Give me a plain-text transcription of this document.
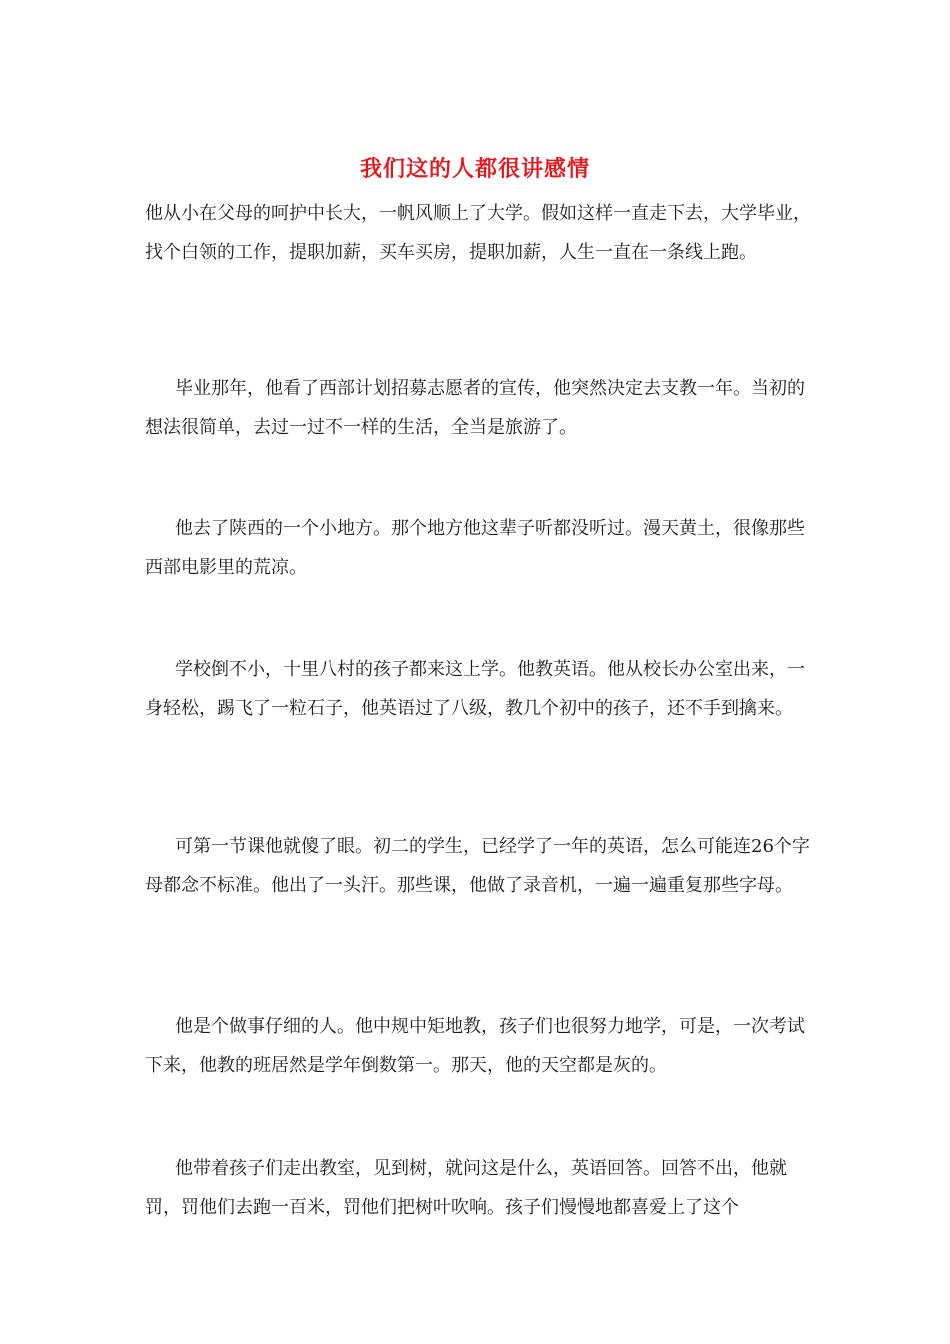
我们这的人都很讲感情

他从小在父母的呵护中长大，一帆风顺上了大学。假如这样一直走下去，大学毕业，找个白领的工作，提职加薪，买车买房，提职加薪，人生一直在一条线上跑。

毕业那年，他看了西部计划招募志愿者的宣传，他突然决定去支教一年。当初的想法很简单，去过一过不一样的生活，全当是旅游了。

他去了陕西的一个小地方。那个地方他这辈子听都没听过。漫天黄土，很像那些西部电影里的荒凉。

学校倒不小，十里八村的孩子都来这上学。他教英语。他从校长办公室出来，一身轻松，踢飞了一粒石子，他英语过了八级，教几个初中的孩子，还不手到擒来。

可第一节课他就傻了眼。初二的学生，已经学了一年的英语，怎么可能连26个字母都念不标准。他出了一头汗。那些课，他做了录音机，一遍一遍重复那些字母。

他是个做事仔细的人。他中规中矩地教，孩子们也很努力地学，可是，一次考试下来，他教的班居然是学年倒数第一。那天，他的天空都是灰的。

他带着孩子们走出教室，见到树，就问这是什么，英语回答。回答不出，他就罚，罚他们去跑一百米，罚他们把树叶吹响。孩子们慢慢地都喜爱上了这个
